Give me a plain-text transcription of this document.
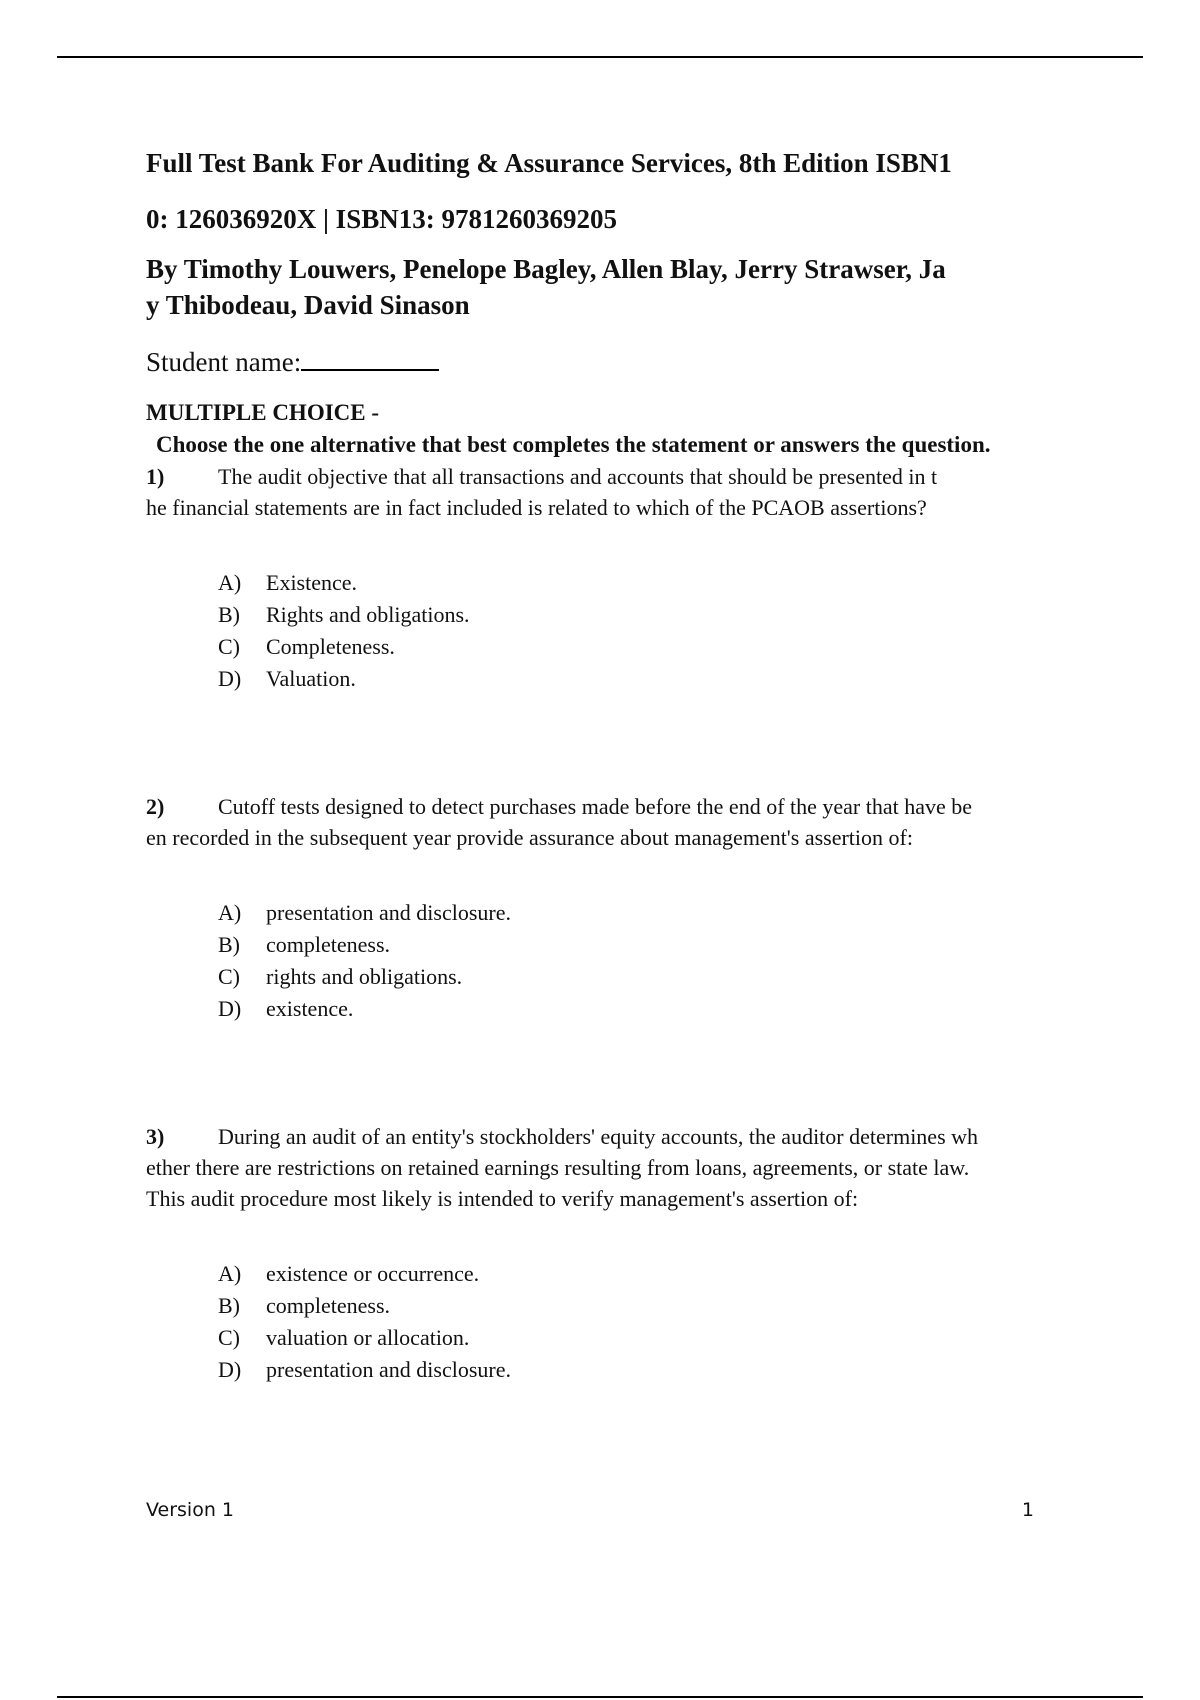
Full Test Bank For Auditing & Assurance Services, 8th Edition ISBN1
0: 126036920X | ISBN13: 9781260369205
By Timothy Louwers, Penelope Bagley, Allen Blay, Jerry Strawser, Ja
y Thibodeau, David Sinason
Student name:
MULTIPLE CHOICE -
Choose the one alternative that best completes the statement or answers the question.
1) The audit objective that all transactions and accounts that should be presented in t
he financial statements are in fact included is related to which of the PCAOB assertions?
A) Existence.
B) Rights and obligations.
C) Completeness.
D) Valuation.
2) Cutoff tests designed to detect purchases made before the end of the year that have be
en recorded in the subsequent year provide assurance about management's assertion of:
A) presentation and disclosure.
B) completeness.
C) rights and obligations.
D) existence.
3) During an audit of an entity's stockholders' equity accounts, the auditor determines wh
ether there are restrictions on retained earnings resulting from loans, agreements, or state law.
This audit procedure most likely is intended to verify management's assertion of:
A) existence or occurrence.
B) completeness.
C) valuation or allocation.
D) presentation and disclosure.
Version 1	1
